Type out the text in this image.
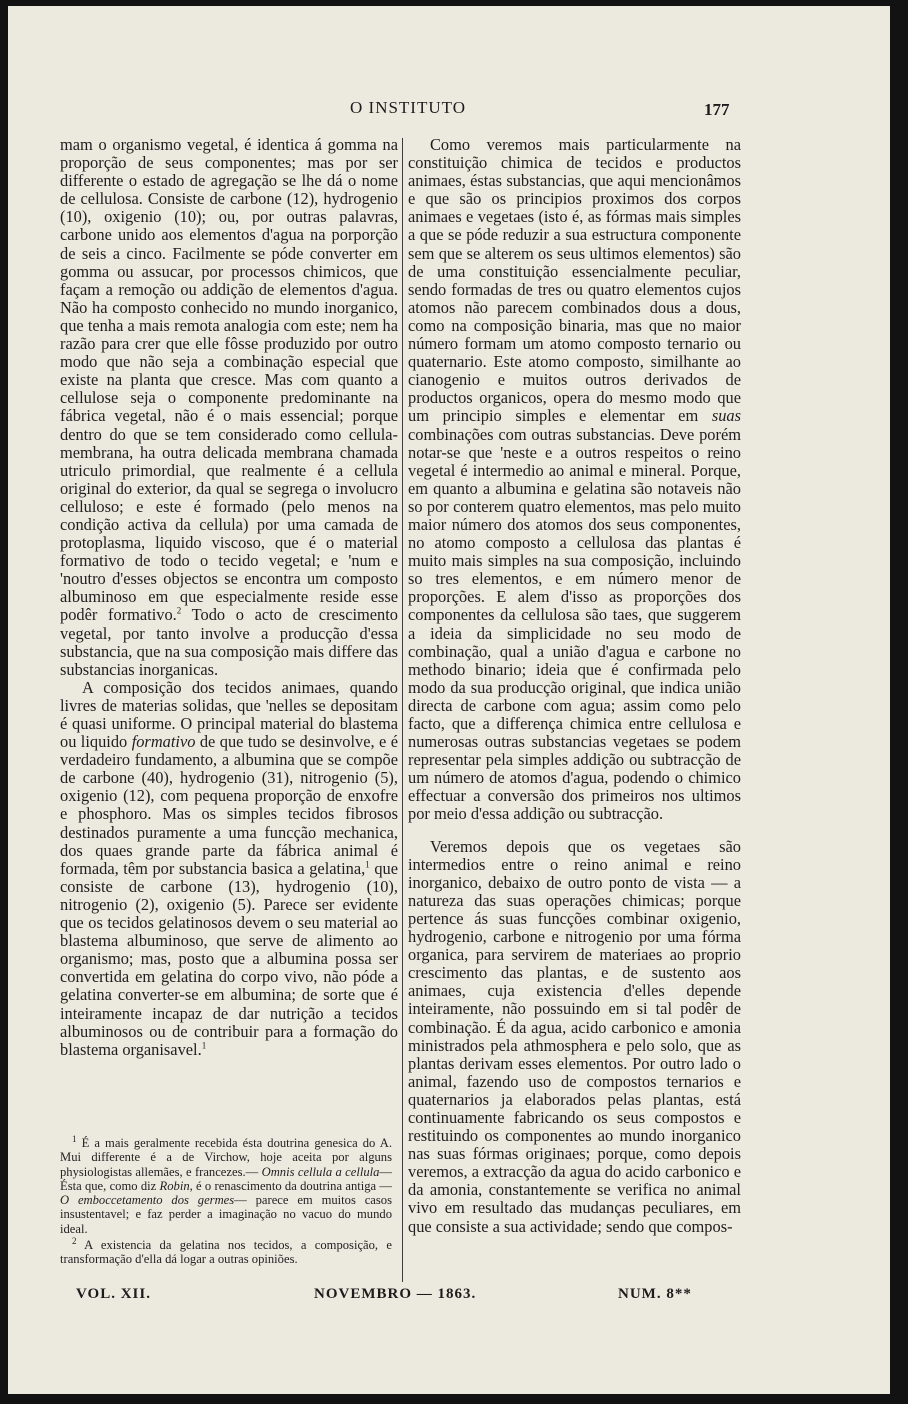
O INSTITUTO	177

mam o organismo vegetal, é identica á gomma na proporção de seus componentes; mas por ser differente o estado de agregação se lhe dá o nome de cellulosa. Consiste de carbone (12), hydrogenio (10), oxigenio (10); ou, por outras palavras, carbone unido aos elementos d'agua na porporção de seis a cinco. Facilmente se póde converter em gomma ou assucar, por processos chimicos, que façam a remoção ou addição de elementos d'agua. Não ha composto conhecido no mundo inorganico, que tenha a mais remota analogia com este; nem ha razão para crer que elle fôsse produzido por outro modo que não seja a combinação especial que existe na planta que cresce. Mas com quanto a cellulose seja o componente predominante na fábrica vegetal, não é o mais essencial; porque dentro do que se tem considerado como cellula-membrana, ha outra delicada membrana chamada utriculo primordial, que realmente é a cellula original do exterior, da qual se segrega o involucro celluloso; e este é formado (pelo menos na condição activa da cellula) por uma camada de protoplasma, liquido viscoso, que é o material formativo de todo o tecido vegetal; e 'num e 'noutro d'esses objectos se encontra um composto albuminoso em que especialmente reside esse podêr formativo.$^2$ Todo o acto de crescimento vegetal, por tanto involve a producção d'essa substancia, que na sua composição mais differe das substancias inorganicas.

A composição dos tecidos animaes, quando livres de materias solidas, que 'nelles se depositam é quasi uniforme. O principal material do blastema ou liquido formativo de que tudo se desinvolve, e é verdadeiro fundamento, a albumina que se compõe de carbone (40), hydrogenio (31), nitrogenio (5), oxigenio (12), com pequena proporção de enxofre e phosphoro. Mas os simples tecidos fibrosos destinados puramente a uma funcção mechanica, dos quaes grande parte da fábrica animal é formada, têm por substancia basica a gelatina,$^1$ que consiste de carbone (13), hydrogenio (10), nitrogenio (2), oxigenio (5). Parece ser evidente que os tecidos gelatinosos devem o seu material ao blastema albuminoso, que serve de alimento ao organismo; mas, posto que a albumina possa ser convertida em gelatina do corpo vivo, não póde a gelatina converter-se em albumina; de sorte que é inteiramente incapaz de dar nutrição a tecidos albuminosos ou de contribuir para a formação do blastema organisavel.$^1$

$^1$ É a mais geralmente recebida ésta doutrina genesica do A. Mui differente é a de Virchow, hoje aceita por alguns physiologistas allemães, e francezes.— Omnis cellula a cellula— Ésta que, como diz Robin, é o renascimento da doutrina antiga — O emboccetamento dos germes— parece em muitos casos insustentavel; e faz perder a imaginação no vacuo do mundo ideal.

$^2$ A existencia da gelatina nos tecidos, a composição, e transformação d'ella dá logar a outras opiniões.

Como veremos mais particularmente na constituição chimica de tecidos e productos animaes, éstas substancias, que aqui mencionâmos e que são os principios proximos dos corpos animaes e vegetaes (isto é, as fórmas mais simples a que se póde reduzir a sua estructura componente sem que se alterem os seus ultimos elementos) são de uma constituição essencialmente peculiar, sendo formadas de tres ou quatro elementos cujos atomos não parecem combinados dous a dous, como na composição binaria, mas que no maior número formam um atomo composto ternario ou quaternario. Este atomo composto, similhante ao cianogenio e muitos outros derivados de productos organicos, opera do mesmo modo que um principio simples e elementar em suas combinações com outras substancias. Deve porém notar-se que 'neste e a outros respeitos o reino vegetal é intermedio ao animal e mineral. Porque, em quanto a albumina e gelatina são notaveis não so por conterem quatro elementos, mas pelo muito maior número dos atomos dos seus componentes, no atomo composto a cellulosa das plantas é muito mais simples na sua composição, incluindo so tres elementos, e em número menor de proporções. E alem d'isso as proporções dos componentes da cellulosa são taes, que suggerem a ideia da simplicidade no seu modo de combinação, qual a união d'agua e carbone no methodo binario; ideia que é confirmada pelo modo da sua producção original, que indica união directa de carbone com agua; assim como pelo facto, que a differença chimica entre cellulosa e numerosas outras substancias vegetaes se podem representar pela simples addição ou subtracção de um número de atomos d'agua, podendo o chimico effectuar a conversão dos primeiros nos ultimos por meio d'essa addição ou subtracção.

Veremos depois que os vegetaes são intermedios entre o reino animal e reino inorganico, debaixo de outro ponto de vista — a natureza das suas operações chimicas; porque pertence ás suas funcções combinar oxigenio, hydrogenio, carbone e nitrogenio por uma fórma organica, para servirem de materiaes ao proprio crescimento das plantas, e de sustento aos animaes, cuja existencia d'elles depende inteiramente, não possuindo em si tal podêr de combinação. É da agua, acido carbonico e amonia ministrados pela athmosphera e pelo solo, que as plantas derivam esses elementos. Por outro lado o animal, fazendo uso de compostos ternarios e quaternarios ja elaborados pelas plantas, está continuamente fabricando os seus compostos e restituindo os componentes ao mundo inorganico nas suas fórmas originaes; porque, como depois veremos, a extracção da agua do acido carbonico e da amonia, constantemente se verifica no animal vivo em resultado das mudanças peculiares, em que consiste a sua actividade; sendo que compos-

VOL. XII.	NOVEMBRO — 1863.	NUM. 8**
